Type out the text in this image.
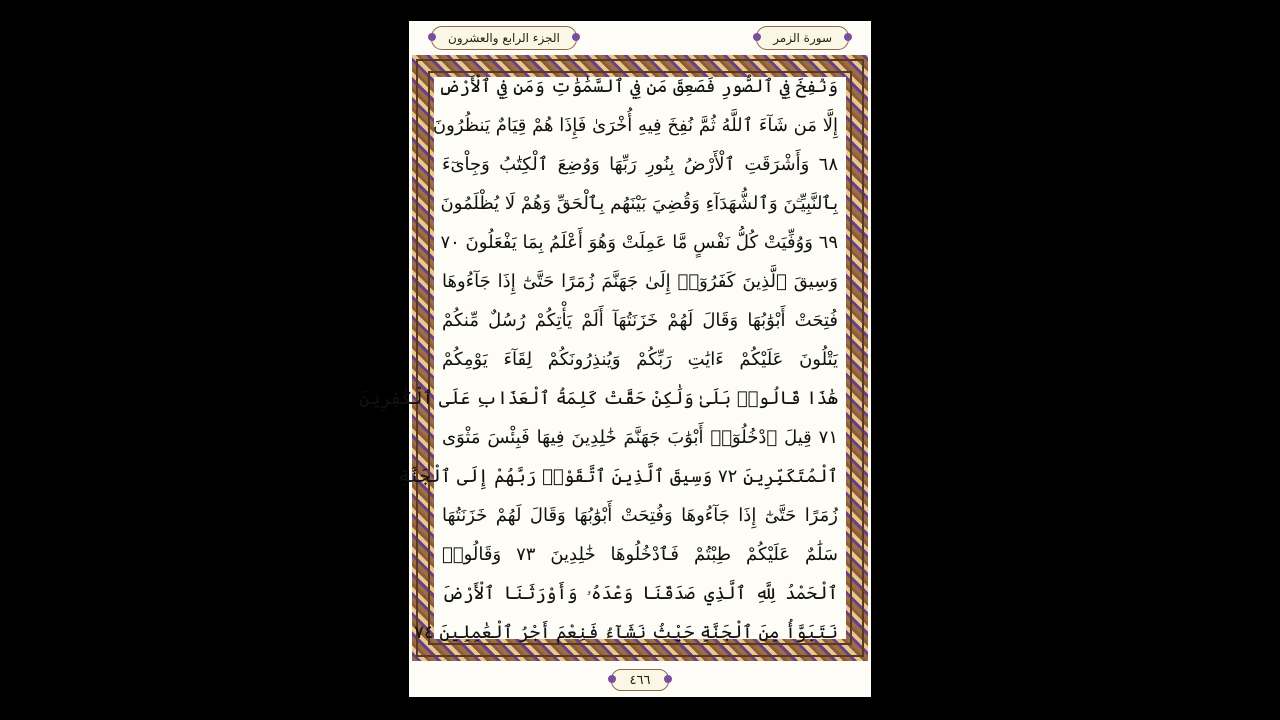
الجزء الرابع والعشرون	سورة الزمر
وَنُفِخَ فِي ٱلصُّورِ فَصَعِقَ مَن فِي ٱلسَّمَٰوَٰتِ وَمَن فِي ٱلْأَرْضِ
إِلَّا مَن شَآءَ ٱللَّهُ ثُمَّ نُفِخَ فِيهِ أُخْرَىٰ فَإِذَا هُمْ قِيَامٌ يَنظُرُونَ
٦٨ وَأَشْرَقَتِ ٱلْأَرْضُ بِنُورِ رَبِّهَا وَوُضِعَ ٱلْكِتَٰبُ وَجِاْىٓءَ
بِٱلنَّبِيِّـۧنَ وَٱلشُّهَدَآءِ وَقُضِيَ بَيْنَهُم بِٱلْحَقِّ وَهُمْ لَا يُظْلَمُونَ
٦٩ وَوُفِّيَتْ كُلُّ نَفْسٍ مَّا عَمِلَتْ وَهُوَ أَعْلَمُ بِمَا يَفْعَلُونَ ٧٠
وَسِيقَ ٱلَّذِينَ كَفَرُوٓا۟ إِلَىٰ جَهَنَّمَ زُمَرًا حَتَّىٰٓ إِذَا جَآءُوهَا
فُتِحَتْ أَبْوَٰبُهَا وَقَالَ لَهُمْ خَزَنَتُهَآ أَلَمْ يَأْتِكُمْ رُسُلٌ مِّنكُمْ
يَتْلُونَ عَلَيْكُمْ ءَايَٰتِ رَبِّكُمْ وَيُنذِرُونَكُمْ لِقَآءَ يَوْمِكُمْ
هَٰذَا قَالُوا۟ بَلَىٰ وَلَٰكِنْ حَقَّتْ كَلِمَةُ ٱلْعَذَابِ عَلَى ٱلْكَٰفِرِينَ
٧١ قِيلَ ٱدْخُلُوٓا۟ أَبْوَٰبَ جَهَنَّمَ خَٰلِدِينَ فِيهَا فَبِئْسَ مَثْوَى
ٱلْمُتَكَبِّرِينَ ٧٢ وَسِيقَ ٱلَّذِينَ ٱتَّقَوْا۟ رَبَّهُمْ إِلَى ٱلْجَنَّةِ
زُمَرًا حَتَّىٰٓ إِذَا جَآءُوهَا وَفُتِحَتْ أَبْوَٰبُهَا وَقَالَ لَهُمْ خَزَنَتُهَا
سَلَٰمٌ عَلَيْكُمْ طِبْتُمْ فَٱدْخُلُوهَا خَٰلِدِينَ ٧٣ وَقَالُوا۟
ٱلْحَمْدُ لِلَّهِ ٱلَّذِي صَدَقَنَا وَعْدَهُۥ وَأَوْرَثَنَا ٱلْأَرْضَ
نَتَبَوَّأُ مِنَ ٱلْجَنَّةِ حَيْثُ نَشَآءُ فَنِعْمَ أَجْرُ ٱلْعَٰمِلِينَ ٧٤
٤٦٦
